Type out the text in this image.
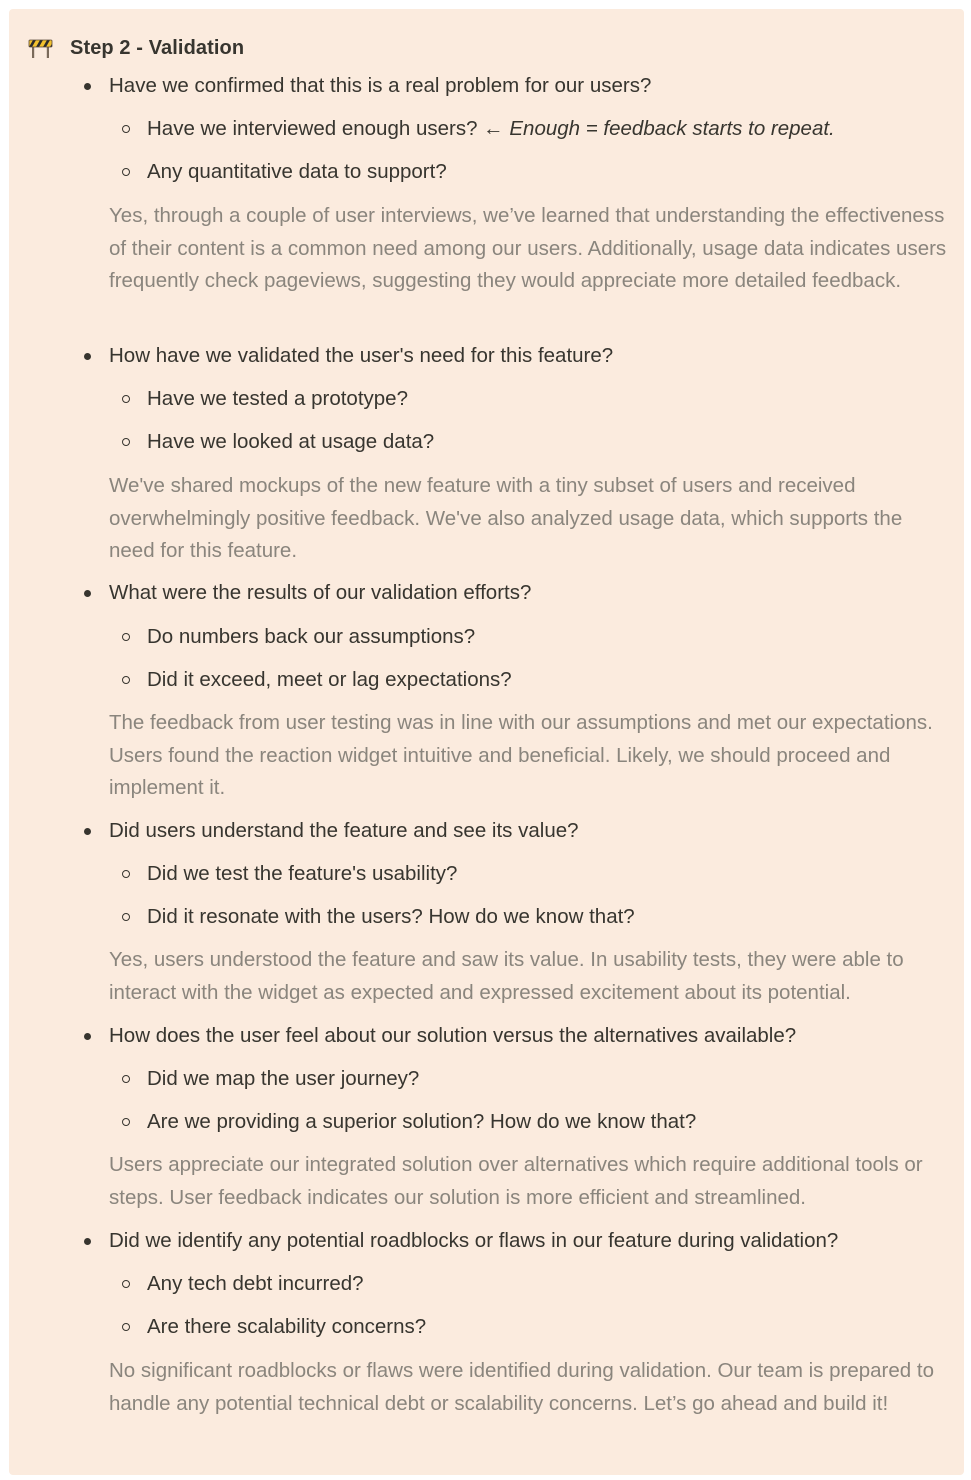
Step 2 - Validation
Have we confirmed that this is a real problem for our users?
Have we interviewed enough users? ← Enough = feedback starts to repeat.
Any quantitative data to support?
Yes, through a couple of user interviews, we’ve learned that understanding the effectiveness of their content is a common need among our users. Additionally, usage data indicates users frequently check pageviews, suggesting they would appreciate more detailed feedback.
How have we validated the user's need for this feature?
Have we tested a prototype?
Have we looked at usage data?
We've shared mockups of the new feature with a tiny subset of users and received overwhelmingly positive feedback. We've also analyzed usage data, which supports the need for this feature.
What were the results of our validation efforts?
Do numbers back our assumptions?
Did it exceed, meet or lag expectations?
The feedback from user testing was in line with our assumptions and met our expectations. Users found the reaction widget intuitive and beneficial. Likely, we should proceed and implement it.
Did users understand the feature and see its value?
Did we test the feature's usability?
Did it resonate with the users? How do we know that?
Yes, users understood the feature and saw its value. In usability tests, they were able to interact with the widget as expected and expressed excitement about its potential.
How does the user feel about our solution versus the alternatives available?
Did we map the user journey?
Are we providing a superior solution? How do we know that?
Users appreciate our integrated solution over alternatives which require additional tools or steps. User feedback indicates our solution is more efficient and streamlined.
Did we identify any potential roadblocks or flaws in our feature during validation?
Any tech debt incurred?
Are there scalability concerns?
No significant roadblocks or flaws were identified during validation. Our team is prepared to handle any potential technical debt or scalability concerns. Let’s go ahead and build it!
